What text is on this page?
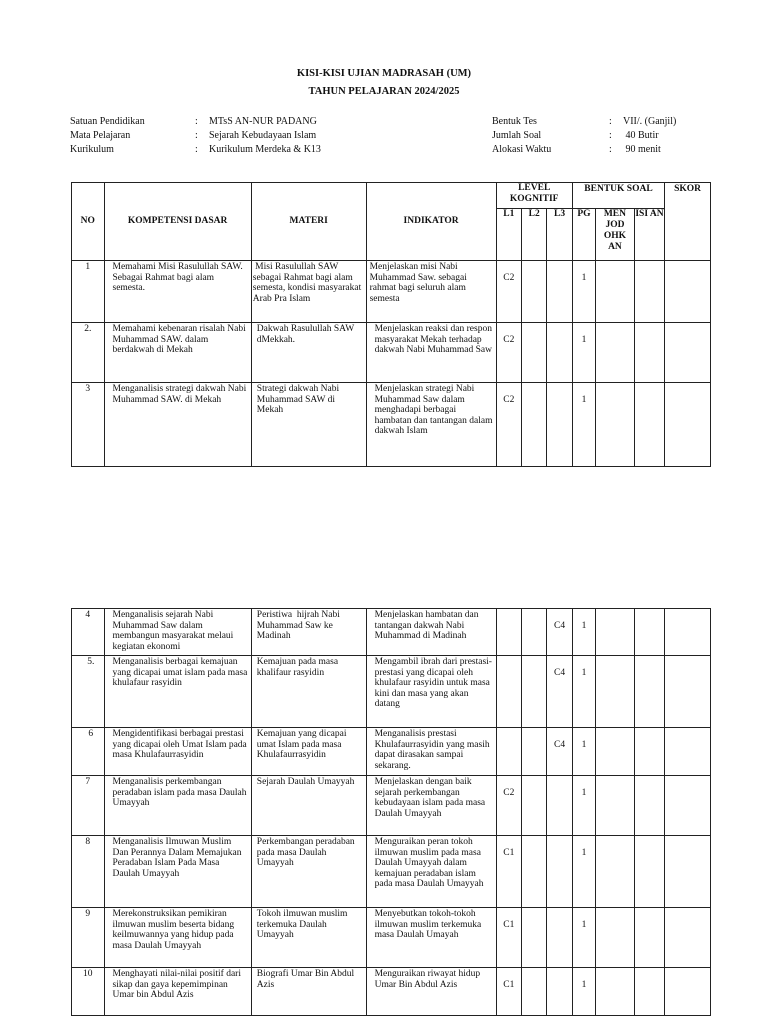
KISI-KISI UJIAN MADRASAH (UM)
TAHUN PELAJARAN 2024/2025
Satuan Pendidikan	:	MTsS AN-NUR PADANG
Mata Pelajaran	:	Sejarah Kebudayaan Islam
Kurikulum	:	Kurikulum Merdeka & K13
Bentuk Tes	:	VII/. (Ganjil)
Jumlah Soal	:	40 Butir
Alokasi Waktu	:	90 menit
NO	KOMPETENSI DASAR	MATERI	INDIKATOR	LEVEL KOGNITIF			BENTUK SOAL			SKOR
				L1	L2	L3	PG	MEN JOD OHK AN	ISI AN	
1	Memahami Misi Rasulullah SAW. Sebagai Rahmat bagi alam semesta.	Misi Rasulullah SAW sebagai Rahmat bagi alam semesta, kondisi masyarakat Arab Pra Islam	Menjelaskan misi Nabi Muhammad Saw. sebagai rahmat bagi seluruh alam semesta	C2			1			
2.	Memahami kebenaran risalah Nabi Muhammad SAW. dalam berdakwah di Mekah	Dakwah Rasulullah SAW dMekkah.	Menjelaskan reaksi dan respon masyarakat Mekah terhadap dakwah Nabi Muhammad Saw	C2			1			
3	Menganalisis strategi dakwah Nabi Muhammad SAW. di Mekah	Strategi dakwah Nabi Muhammad SAW di Mekah	Menjelaskan strategi Nabi Muhammad Saw dalam menghadapi berbagai hambatan dan tantangan dalam dakwah Islam	C2			1			
4	Menganalisis sejarah Nabi Muhammad Saw dalam membangun masyarakat melaui kegiatan ekonomi	Peristiwa  hijrah Nabi Muhammad Saw ke Madinah	Menjelaskan hambatan dan tantangan dakwah Nabi Muhammad di Madinah			C4	1			
5.	Menganalisis berbagai kemajuan yang dicapai umat islam pada masa khulafaur rasyidin	Kemajuan pada masa khalifaur rasyidin	Mengambil ibrah dari prestasi-prestasi yang dicapai oleh khulafaur rasyidin untuk masa kini dan masa yang akan datang			C4	1			
6	Mengidentifikasi berbagai prestasi yang dicapai oleh Umat Islam pada masa Khulafaurrasyidin	Kemajuan yang dicapai umat Islam pada masa Khulafaurrasyidin	Menganalisis prestasi Khulafaurrasyidin yang masih dapat dirasakan sampai sekarang.			C4	1			
7	Menganalisis perkembangan peradaban islam pada masa Daulah Umayyah	Sejarah Daulah Umayyah	Menjelaskan dengan baik sejarah perkembangan kebudayaan islam pada masa Daulah Umayyah	C2			1			
8	Menganalisis Ilmuwan Muslim Dan Perannya Dalam Memajukan Peradaban Islam Pada Masa Daulah Umayyah	Perkembangan peradaban pada masa Daulah Umayyah	Menguraikan peran tokoh ilmuwan muslim pada masa Daulah Umayyah dalam kemajuan peradaban islam pada masa Daulah Umayyah	C1			1			
9	Merekonstruksikan pemikiran ilmuwan muslim beserta bidang keilmuwannya yang hidup pada masa Daulah Umayyah	Tokoh ilmuwan muslim terkemuka Daulah Umayyah	Menyebutkan tokoh-tokoh ilmuwan muslim terkemuka masa Daulah Umayah	C1			1			
10	Menghayati nilai-nilai positif dari sikap dan gaya kepemimpinan Umar bin Abdul Azis	Biografi Umar Bin Abdul Azis	Menguraikan riwayat hidup Umar Bin Abdul Azis	C1			1			
